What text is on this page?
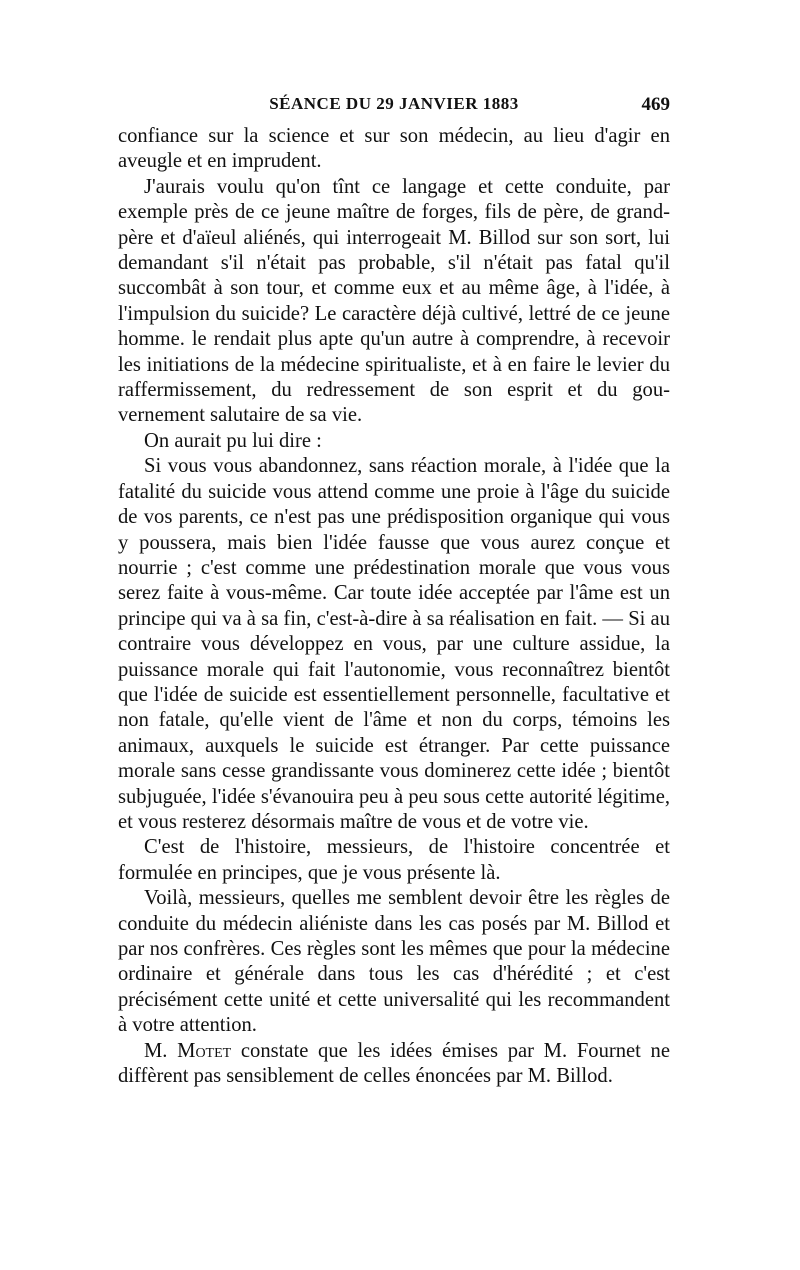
SÉANCE DU 29 JANVIER 1883	469

confiance sur la science et sur son médecin, au lieu d'agir en aveugle et en imprudent.

J'aurais voulu qu'on tînt ce langage et cette conduite, par exemple près de ce jeune maître de forges, fils de père, de grand-père et d'aïeul aliénés, qui interrogeait M. Billod sur son sort, lui demandant s'il n'était pas probable, s'il n'était pas fatal qu'il succombât à son tour, et comme eux et au même âge, à l'idée, à l'impulsion du suicide? Le caractère déjà cultivé, lettré de ce jeune homme. le rendait plus apte qu'un autre à comprendre, à recevoir les initiations de la médecine spiritualiste, et à en faire le levier du raffermissement, du redressement de son esprit et du gouvernement salutaire de sa vie.

On aurait pu lui dire :

Si vous vous abandonnez, sans réaction morale, à l'idée que la fatalité du suicide vous attend comme une proie à l'âge du suicide de vos parents, ce n'est pas une prédisposition organique qui vous y poussera, mais bien l'idée fausse que vous aurez conçue et nourrie ; c'est comme une prédestination morale que vous vous serez faite à vous-même. Car toute idée acceptée par l'âme est un principe qui va à sa fin, c'est-à-dire à sa réalisation en fait. — Si au contraire vous développez en vous, par une culture assidue, la puissance morale qui fait l'autonomie, vous reconnaîtrez bientôt que l'idée de suicide est essentiellement personnelle, facultative et non fatale, qu'elle vient de l'âme et non du corps, témoins les animaux, auxquels le suicide est étranger. Par cette puissance morale sans cesse grandissante vous dominerez cette idée ; bientôt subjuguée, l'idée s'évanouira peu à peu sous cette autorité légitime, et vous resterez désormais maître de vous et de votre vie.

C'est de l'histoire, messieurs, de l'histoire concentrée et formulée en principes, que je vous présente là.

Voilà, messieurs, quelles me semblent devoir être les règles de conduite du médecin aliéniste dans les cas posés par M. Billod et par nos confrères. Ces règles sont les mêmes que pour la médecine ordinaire et générale dans tous les cas d'hérédité ; et c'est précisément cette unité et cette universalité qui les recommandent à votre attention.

M. Motet constate que les idées émises par M. Fournet ne diffèrent pas sensiblement de celles énoncées par M. Billod.
